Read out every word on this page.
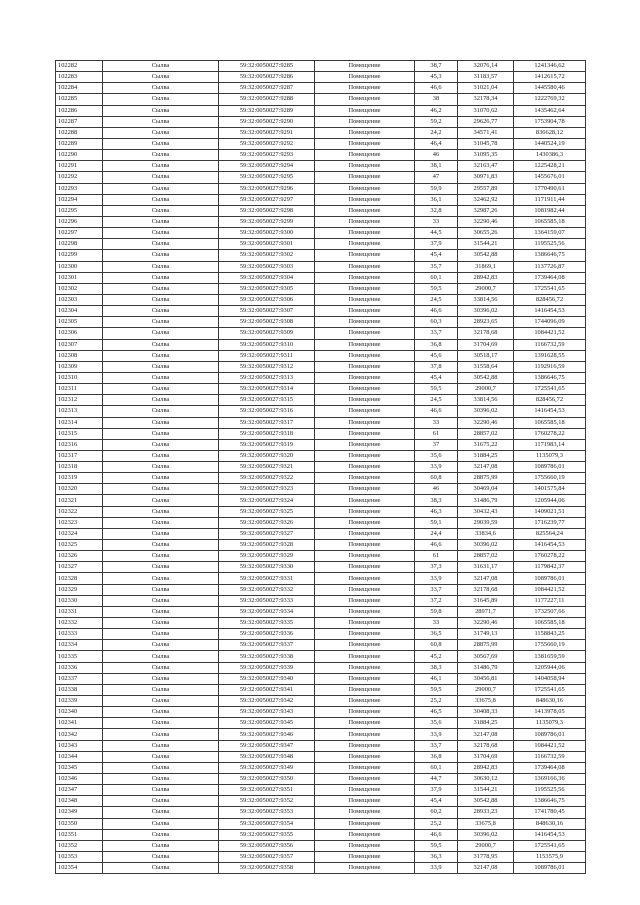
102282	Сылва	59:32:0050027:9285	Помещение	38,7	32076,14	1241346,62
102283	Сылва	59:32:0050027:9286	Помещение	45,3	31183,57	1412615,72
102284	Сылва	59:32:0050027:9287	Помещение	46,6	31021,04	1445580,46
102285	Сылва	59:32:0050027:9288	Помещение	38	32178,34	1222769,32
102286	Сылва	59:32:0050027:9289	Помещение	46,2	31070,62	1435462,64
102287	Сылва	59:32:0050027:9290	Помещение	59,2	29626,77	1753904,78
102288	Сылва	59:32:0050027:9291	Помещение	24,2	34571,41	836628,12
102289	Сылва	59:32:0050027:9292	Помещение	46,4	31045,78	1440524,19
102290	Сылва	59:32:0050027:9293	Помещение	46	31095,35	1430386,3
102291	Сылва	59:32:0050027:9294	Помещение	38,1	32163,47	1225428,21
102292	Сылва	59:32:0050027:9295	Помещение	47	30971,83	1455676,01
102293	Сылва	59:32:0050027:9296	Помещение	59,9	29557,89	1770490,61
102294	Сылва	59:32:0050027:9297	Помещение	36,1	32462,92	1171911,44
102295	Сылва	59:32:0050027:9298	Помещение	32,8	32987,26	1081982,44
102296	Сылва	59:32:0050027:9299	Помещение	33	32290,46	1065585,18
102297	Сылва	59:32:0050027:9300	Помещение	44,5	30655,26	1364159,07
102298	Сылва	59:32:0050027:9301	Помещение	37,9	31544,21	1195525,56
102299	Сылва	59:32:0050027:9302	Помещение	45,4	30542,88	1386646,75
102300	Сылва	59:32:0050027:9303	Помещение	35,7	31869,1	1137726,87
102301	Сылва	59:32:0050027:9304	Помещение	60,1	28942,83	1739464,08
102302	Сылва	59:32:0050027:9305	Помещение	59,5	29000,7	1725541,65
102303	Сылва	59:32:0050027:9306	Помещение	24,5	33814,56	828456,72
102304	Сылва	59:32:0050027:9307	Помещение	46,6	30396,02	1416454,53
102305	Сылва	59:32:0050027:9308	Помещение	60,3	28923,65	1744096,09
102306	Сылва	59:32:0050027:9309	Помещение	33,7	32178,68	1084421,52
102307	Сылва	59:32:0050027:9310	Помещение	36,8	31704,69	1166732,59
102308	Сылва	59:32:0050027:9311	Помещение	45,6	30518,17	1391628,55
102309	Сылва	59:32:0050027:9312	Помещение	37,8	31558,64	1192916,59
102310	Сылва	59:32:0050027:9313	Помещение	45,4	30542,88	1386646,75
102311	Сылва	59:32:0050027:9314	Помещение	59,5	29000,7	1725541,65
102312	Сылва	59:32:0050027:9315	Помещение	24,5	33814,56	828456,72
102313	Сылва	59:32:0050027:9316	Помещение	46,6	30396,02	1416454,53
102314	Сылва	59:32:0050027:9317	Помещение	33	32290,46	1065585,18
102315	Сылва	59:32:0050027:9318	Помещение	61	28857,02	1760278,22
102316	Сылва	59:32:0050027:9319	Помещение	37	31675,22	1171983,14
102317	Сылва	59:32:0050027:9320	Помещение	35,6	31884,25	1135079,3
102318	Сылва	59:32:0050027:9321	Помещение	33,9	32147,08	1089786,01
102319	Сылва	59:32:0050027:9322	Помещение	60,8	28875,99	1755660,19
102320	Сылва	59:32:0050027:9323	Помещение	46	30469,04	1401575,84
102321	Сылва	59:32:0050027:9324	Помещение	38,3	31486,79	1205944,06
102322	Сылва	59:32:0050027:9325	Помещение	46,3	30432,43	1409021,51
102323	Сылва	59:32:0050027:9326	Помещение	59,1	29039,59	1716239,77
102324	Сылва	59:32:0050027:9327	Помещение	24,4	33834,6	825564,24
102325	Сылва	59:32:0050027:9328	Помещение	46,6	30396,02	1416454,53
102326	Сылва	59:32:0050027:9329	Помещение	61	28857,02	1760278,22
102327	Сылва	59:32:0050027:9330	Помещение	37,3	31631,17	1179842,37
102328	Сылва	59:32:0050027:9331	Помещение	33,9	32147,08	1089786,01
102329	Сылва	59:32:0050027:9332	Помещение	33,7	32178,68	1084421,52
102330	Сылва	59:32:0050027:9333	Помещение	37,2	31645,89	1177227,11
102331	Сылва	59:32:0050027:9334	Помещение	59,8	28971,7	1732507,66
102332	Сылва	59:32:0050027:9335	Помещение	33	32290,46	1065585,18
102333	Сылва	59:32:0050027:9336	Помещение	36,5	31749,13	1158843,25
102334	Сылва	59:32:0050027:9337	Помещение	60,8	28875,99	1755660,19
102335	Сылва	59:32:0050027:9338	Помещение	45,2	30567,69	1381659,59
102336	Сылва	59:32:0050027:9339	Помещение	38,3	31486,79	1205944,06
102337	Сылва	59:32:0050027:9340	Помещение	46,1	30456,81	1404058,94
102338	Сылва	59:32:0050027:9341	Помещение	59,5	29000,7	1725541,65
102339	Сылва	59:32:0050027:9342	Помещение	25,2	33675,8	848630,16
102340	Сылва	59:32:0050027:9343	Помещение	46,5	30408,33	1413978,05
102341	Сылва	59:32:0050027:9345	Помещение	35,6	31884,25	1135079,3
102342	Сылва	59:32:0050027:9346	Помещение	33,9	32147,08	1089786,01
102343	Сылва	59:32:0050027:9347	Помещение	33,7	32178,68	1084421,52
102344	Сылва	59:32:0050027:9348	Помещение	36,8	31704,69	1166732,59
102345	Сылва	59:32:0050027:9349	Помещение	60,1	28942,83	1739464,08
102346	Сылва	59:32:0050027:9350	Помещение	44,7	30630,12	1369166,36
102347	Сылва	59:32:0050027:9351	Помещение	37,9	31544,21	1195525,56
102348	Сылва	59:32:0050027:9352	Помещение	45,4	30542,88	1386646,75
102349	Сылва	59:32:0050027:9353	Помещение	60,2	28933,23	1741780,45
102350	Сылва	59:32:0050027:9354	Помещение	25,2	33675,8	848630,16
102351	Сылва	59:32:0050027:9355	Помещение	46,6	30396,02	1416454,53
102352	Сылва	59:32:0050027:9356	Помещение	59,5	29000,7	1725541,65
102353	Сылва	59:32:0050027:9357	Помещение	36,3	31778,95	1153575,9
102354	Сылва	59:32:0050027:9358	Помещение	33,9	32147,08	1089786,01
